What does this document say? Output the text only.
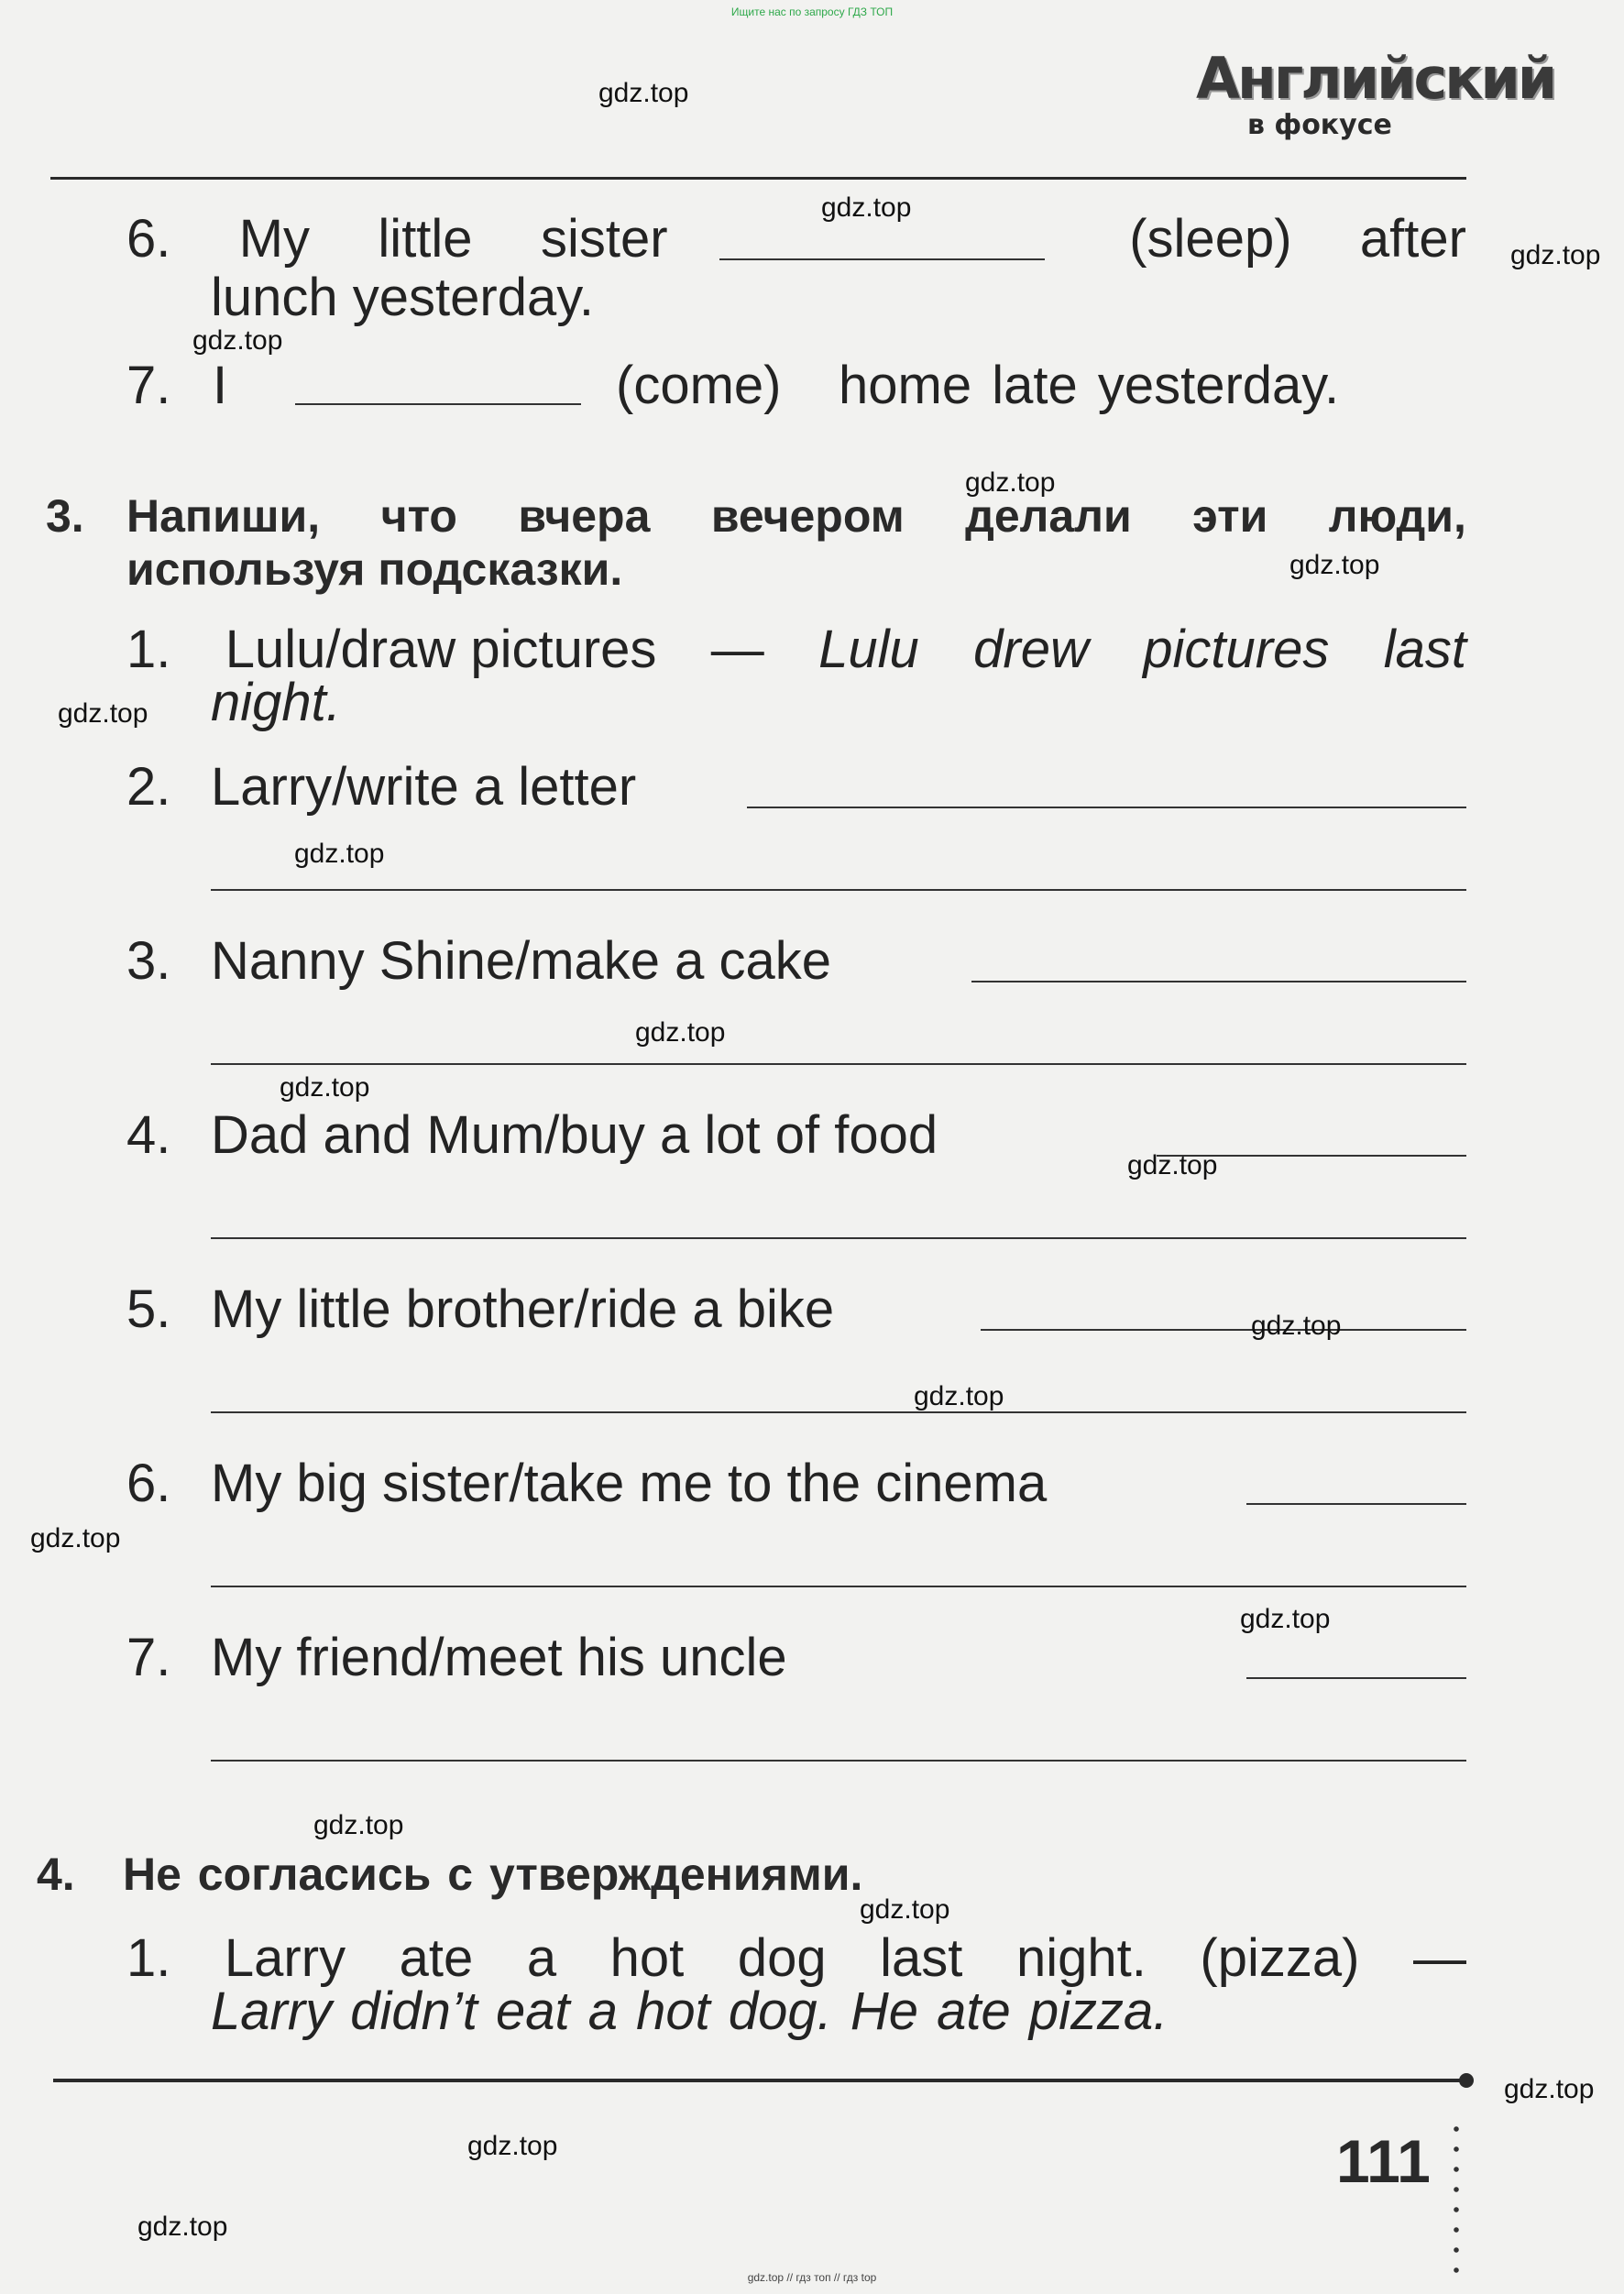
Ищите нас по запросу ГДЗ ТОП
gdz.top // гдз топ // гдз top
Английский
в фокусе
6. My little sister	(sleep) after
lunch yesterday.
7. I	(come) home late yesterday.
3. Напиши, что вчера вечером делали эти люди,
используя подсказки.
1. Lulu/draw pictures — Lulu drew pictures last
night.
2. Larry/write a letter
3. Nanny Shine/make a cake
4. Dad and Mum/buy a lot of food
5. My little brother/ride a bike
6. My big sister/take me to the cinema
7. My friend/meet his uncle
4. Не согласись с утверждениями.
1. Larry ate a hot dog last night. (pizza) —
Larry didn’t eat a hot dog. He ate pizza.
111
gdz.top
gdz.top
gdz.top
gdz.top
gdz.top
gdz.top
gdz.top
gdz.top
gdz.top
gdz.top
gdz.top
gdz.top
gdz.top
gdz.top
gdz.top
gdz.top
gdz.top
gdz.top
gdz.top
gdz.top
